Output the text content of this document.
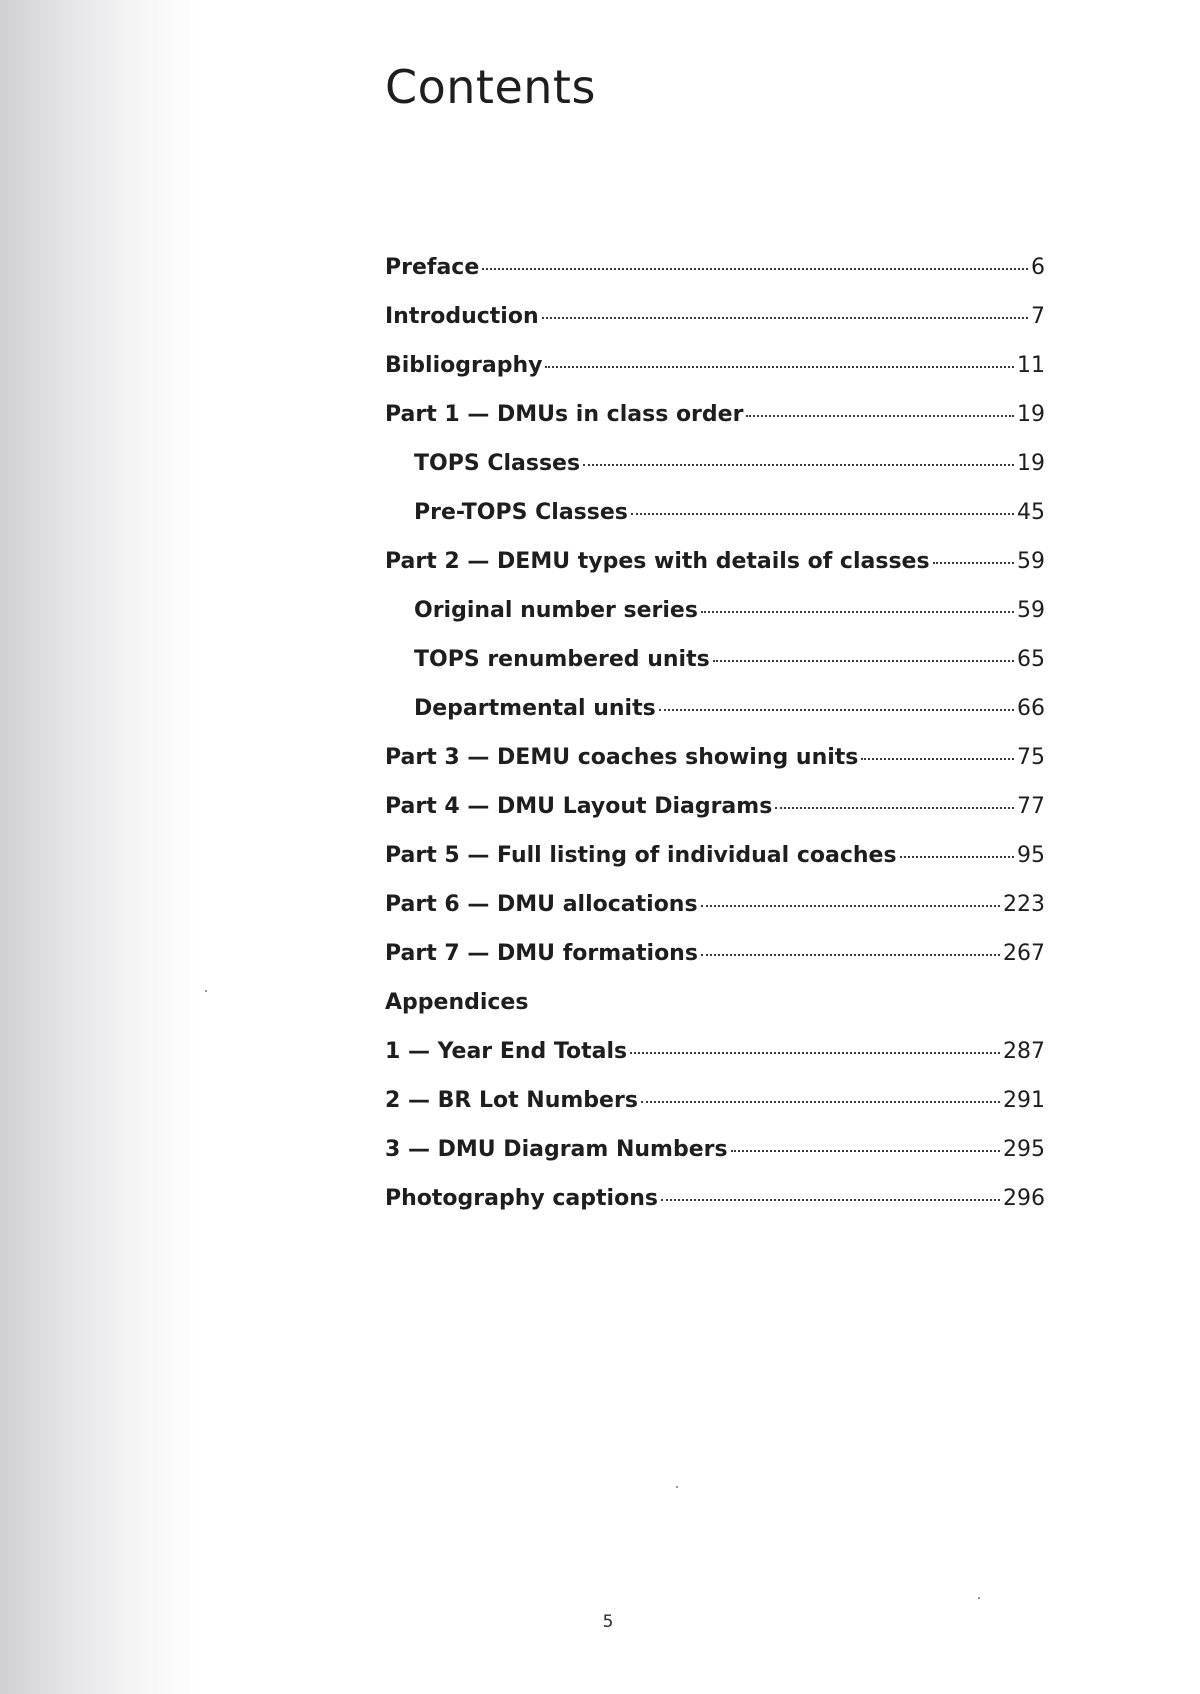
Contents
Preface	6
Introduction	7
Bibliography	11
Part 1 — DMUs in class order	19
TOPS Classes	19
Pre-TOPS Classes	45
Part 2 — DEMU types with details of classes	59
Original number series	59
TOPS renumbered units	65
Departmental units	66
Part 3 — DEMU coaches showing units	75
Part 4 — DMU Layout Diagrams	77
Part 5 — Full listing of individual coaches	95
Part 6 — DMU allocations	223
Part 7 — DMU formations	267
Appendices
1 — Year End Totals	287
2 — BR Lot Numbers	291
3 — DMU Diagram Numbers	295
Photography captions	296
5
